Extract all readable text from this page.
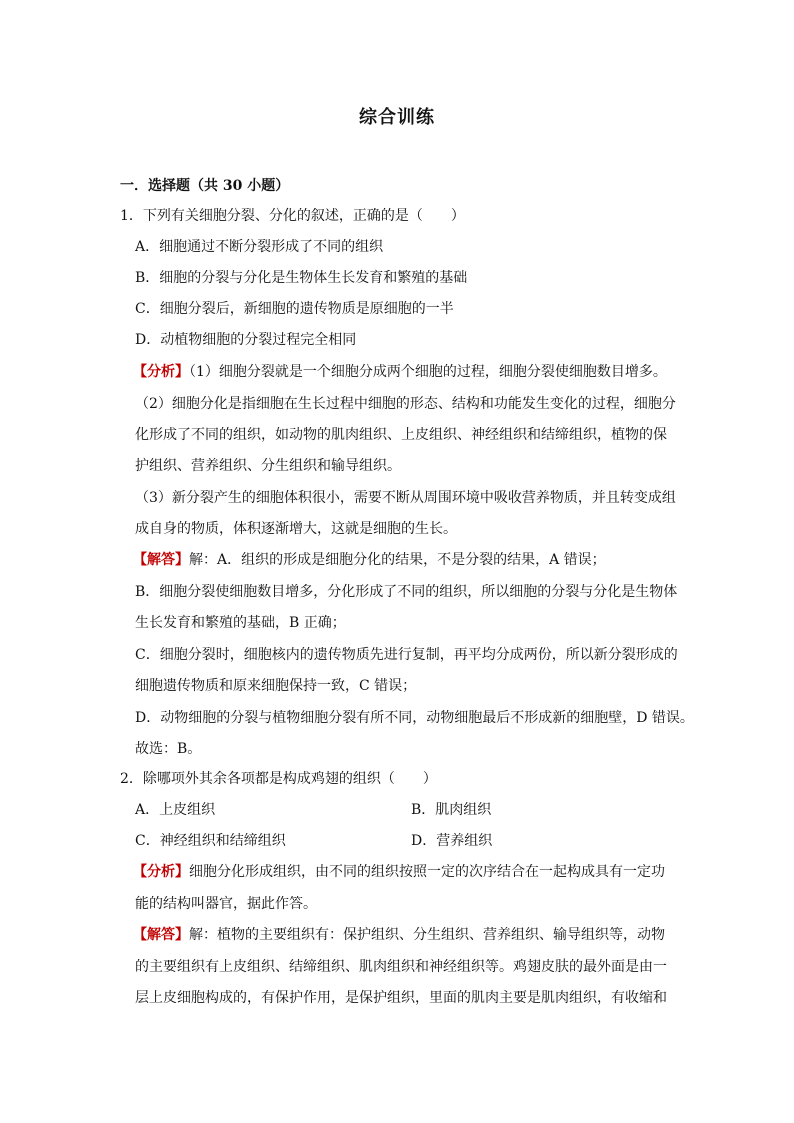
综合训练
一．选择题（共 30 小题）
1．下列有关细胞分裂、分化的叙述，正确的是（　　）
A．细胞通过不断分裂形成了不同的组织
B．细胞的分裂与分化是生物体生长发育和繁殖的基础
C．细胞分裂后，新细胞的遗传物质是原细胞的一半
D．动植物细胞的分裂过程完全相同
【分析】（1）细胞分裂就是一个细胞分成两个细胞的过程，细胞分裂使细胞数目增多。
（2）细胞分化是指细胞在生长过程中细胞的形态、结构和功能发生变化的过程，细胞分
化形成了不同的组织，如动物的肌肉组织、上皮组织、神经组织和结缔组织，植物的保
护组织、营养组织、分生组织和输导组织。
（3）新分裂产生的细胞体积很小，需要不断从周围环境中吸收营养物质，并且转变成组
成自身的物质，体积逐渐增大，这就是细胞的生长。
【解答】解：A．组织的形成是细胞分化的结果，不是分裂的结果，A 错误；
B．细胞分裂使细胞数目增多，分化形成了不同的组织，所以细胞的分裂与分化是生物体
生长发育和繁殖的基础，B 正确；
C．细胞分裂时，细胞核内的遗传物质先进行复制，再平均分成两份，所以新分裂形成的
细胞遗传物质和原来细胞保持一致，C 错误；
D．动物细胞的分裂与植物细胞分裂有所不同，动物细胞最后不形成新的细胞壁，D 错误。
故选：B。
2．除哪项外其余各项都是构成鸡翅的组织（　　）
A．上皮组织	B．肌肉组织
C．神经组织和结缔组织	D．营养组织
【分析】细胞分化形成组织，由不同的组织按照一定的次序结合在一起构成具有一定功
能的结构叫器官，据此作答。
【解答】解：植物的主要组织有：保护组织、分生组织、营养组织、输导组织等，动物
的主要组织有上皮组织、结缔组织、肌肉组织和神经组织等。鸡翅皮肤的最外面是由一
层上皮细胞构成的，有保护作用，是保护组织，里面的肌肉主要是肌肉组织，有收缩和
